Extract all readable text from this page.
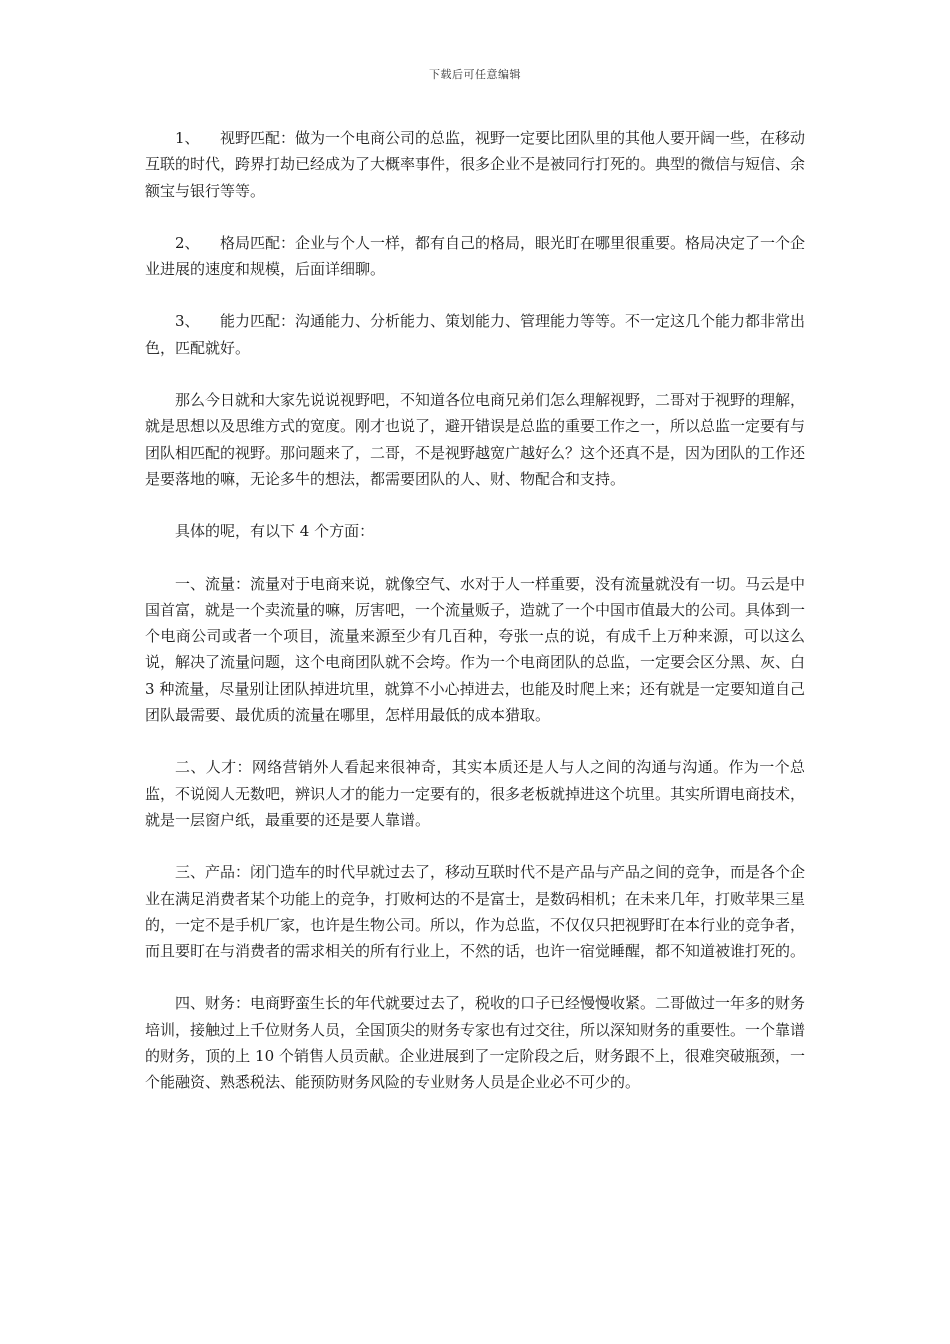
下载后可任意编辑

1、 视野匹配：做为一个电商公司的总监，视野一定要比团队里的其他人要开阔一些，在移动互联的时代，跨界打劫已经成为了大概率事件，很多企业不是被同行打死的。典型的微信与短信、余额宝与银行等等。

2、 格局匹配：企业与个人一样，都有自己的格局，眼光盯在哪里很重要。格局决定了一个企业进展的速度和规模，后面详细聊。

3、 能力匹配：沟通能力、分析能力、策划能力、管理能力等等。不一定这几个能力都非常出色，匹配就好。

那么今日就和大家先说说视野吧，不知道各位电商兄弟们怎么理解视野，二哥对于视野的理解，就是思想以及思维方式的宽度。刚才也说了，避开错误是总监的重要工作之一，所以总监一定要有与团队相匹配的视野。那问题来了，二哥，不是视野越宽广越好么？这个还真不是，因为团队的工作还是要落地的嘛，无论多牛的想法，都需要团队的人、财、物配合和支持。

具体的呢，有以下 4 个方面：

一、流量：流量对于电商来说，就像空气、水对于人一样重要，没有流量就没有一切。马云是中国首富，就是一个卖流量的嘛，厉害吧，一个流量贩子，造就了一个中国市值最大的公司。具体到一个电商公司或者一个项目，流量来源至少有几百种，夸张一点的说，有成千上万种来源，可以这么说，解决了流量问题，这个电商团队就不会垮。作为一个电商团队的总监，一定要会区分黑、灰、白 3 种流量，尽量别让团队掉进坑里，就算不小心掉进去，也能及时爬上来；还有就是一定要知道自己团队最需要、最优质的流量在哪里，怎样用最低的成本猎取。

二、人才：网络营销外人看起来很神奇，其实本质还是人与人之间的沟通与沟通。作为一个总监，不说阅人无数吧，辨识人才的能力一定要有的，很多老板就掉进这个坑里。其实所谓电商技术，就是一层窗户纸，最重要的还是要人靠谱。

三、产品：闭门造车的时代早就过去了，移动互联时代不是产品与产品之间的竞争，而是各个企业在满足消费者某个功能上的竞争，打败柯达的不是富士，是数码相机；在未来几年，打败苹果三星的，一定不是手机厂家，也许是生物公司。所以，作为总监，不仅仅只把视野盯在本行业的竞争者，而且要盯在与消费者的需求相关的所有行业上，不然的话，也许一宿觉睡醒，都不知道被谁打死的。

四、财务：电商野蛮生长的年代就要过去了，税收的口子已经慢慢收紧。二哥做过一年多的财务培训，接触过上千位财务人员，全国顶尖的财务专家也有过交往，所以深知财务的重要性。一个靠谱的财务，顶的上 10 个销售人员贡献。企业进展到了一定阶段之后，财务跟不上，很难突破瓶颈，一个能融资、熟悉税法、能预防财务风险的专业财务人员是企业必不可少的。
